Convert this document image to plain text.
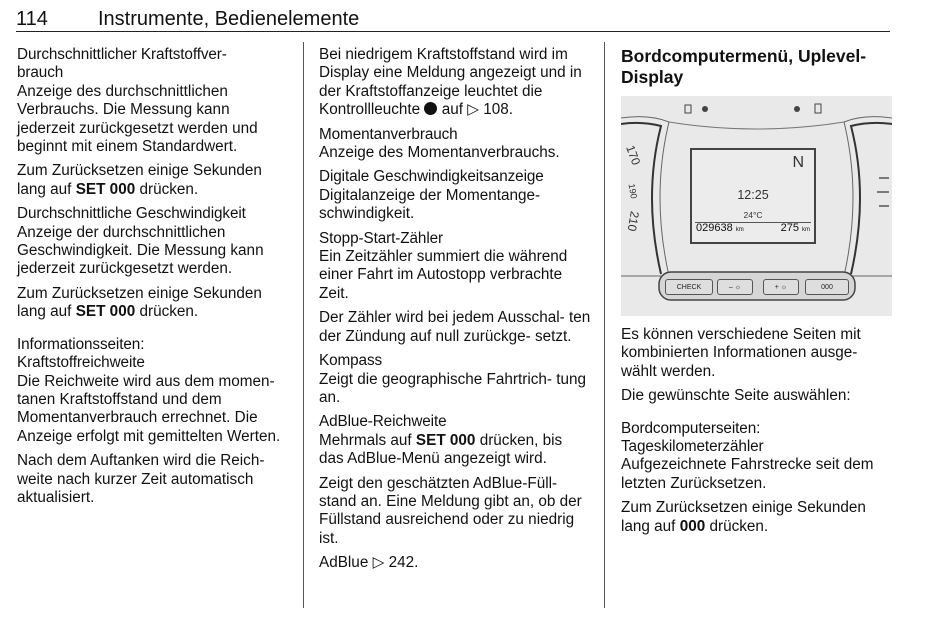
114	Instrumente, Bedienelemente
Durchschnittlicher Kraftstoffver- brauch

Anzeige des durchschnittlichen Verbrauchs. Die Messung kann jederzeit zurückgesetzt werden und beginnt mit einem Standardwert.

Zum Zurücksetzen einige Sekunden lang auf SET 000 drücken.

Durchschnittliche Geschwindigkeit

Anzeige der durchschnittlichen Geschwindigkeit. Die Messung kann jederzeit zurückgesetzt werden.

Zum Zurücksetzen einige Sekunden lang auf SET 000 drücken.

Informationsseiten:
Kraftstoffreichweite

Die Reichweite wird aus dem momen- tanen Kraftstoffstand und dem Momentanverbrauch errechnet. Die Anzeige erfolgt mit gemittelten Werten.

Nach dem Auftanken wird die Reich- weite nach kurzer Zeit automatisch aktualisiert.

Bei niedrigem Kraftstoffstand wird im Display eine Meldung angezeigt und in der Kraftstoffanzeige leuchtet die Kontrollleuchte  auf ▷ 108.

Momentanverbrauch

Anzeige des Momentanverbrauchs.

Digitale Geschwindigkeitsanzeige

Digitalanzeige der Momentange- schwindigkeit.

Stopp-Start-Zähler

Ein Zeitzähler summiert die während einer Fahrt im Autostopp verbrachte Zeit.

Der Zähler wird bei jedem Ausschal- ten der Zündung auf null zurückge- setzt.

Kompass

Zeigt die geographische Fahrtrich- tung an.

AdBlue-Reichweite

Mehrmals auf SET 000 drücken, bis das AdBlue-Menü angezeigt wird.

Zeigt den geschätzten AdBlue-Füll- stand an. Eine Meldung gibt an, ob der Füllstand ausreichend oder zu niedrig ist.

AdBlue ▷ 242.

Bordcomputermenü, Uplevel-Display
170
190
210
N
12:25
24°C
029638 km	275 km
CHECK	– ☼	+ ☼	000

Es können verschiedene Seiten mit kombinierten Informationen ausge- wählt werden.

Die gewünschte Seite auswählen:

Bordcomputerseiten:
Tageskilometerzähler

Aufgezeichnete Fahrstrecke seit dem letzten Zurücksetzen.

Zum Zurücksetzen einige Sekunden lang auf 000 drücken.
